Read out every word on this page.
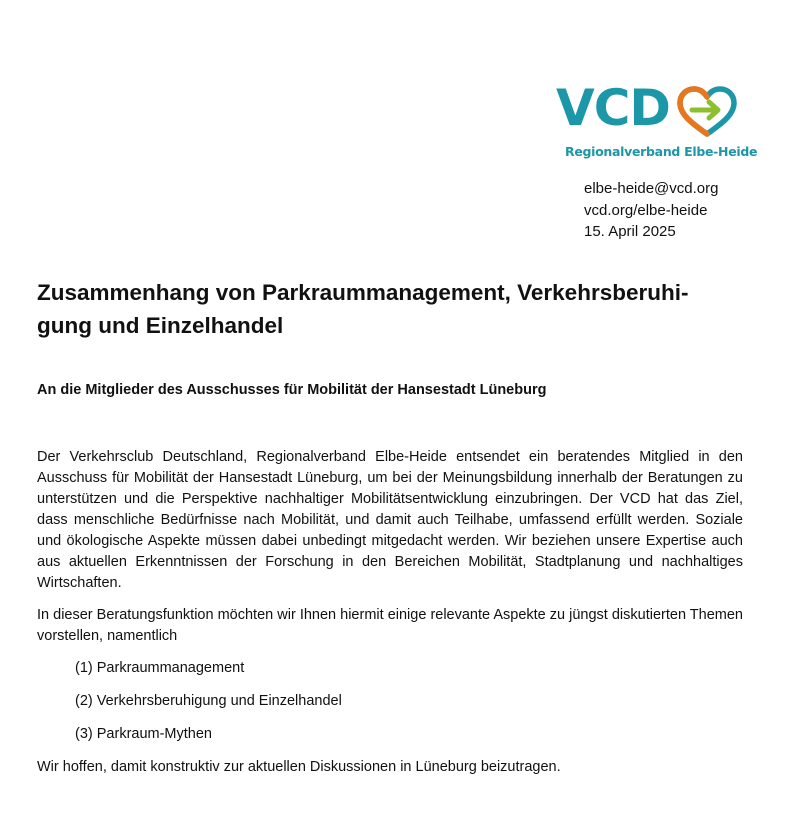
VCD
Regionalverband Elbe-Heide
elbe-heide@vcd.org
vcd.org/elbe-heide
15. April 2025
Zusammenhang von Parkraummanagement, Verkehrsberuhi-
gung und Einzelhandel
An die Mitglieder des Ausschusses für Mobilität der Hansestadt Lüneburg

Der Verkehrsclub Deutschland, Regionalverband Elbe-Heide entsendet ein beratendes Mitglied in den Ausschuss für Mobilität der Hansestadt Lüneburg, um bei der Meinungsbildung innerhalb der Beratungen zu unterstützen und die Perspektive nachhaltiger Mobilitätsentwicklung einzubringen. Der VCD hat das Ziel, dass menschliche Bedürfnisse nach Mobilität, und damit auch Teilhabe, umfassend erfüllt werden. Soziale und ökologische Aspekte müssen dabei unbedingt mitgedacht werden. Wir beziehen unsere Expertise auch aus aktuellen Erkenntnissen der Forschung in den Bereichen Mobilität, Stadtplanung und nachhaltiges Wirtschaften.

In dieser Beratungsfunktion möchten wir Ihnen hiermit einige relevante Aspekte zu jüngst diskutierten Themen vorstellen, namentlich

(1) Parkraummanagement
(2) Verkehrsberuhigung und Einzelhandel
(3) Parkraum-Mythen

Wir hoffen, damit konstruktiv zur aktuellen Diskussionen in Lüneburg beizutragen.
